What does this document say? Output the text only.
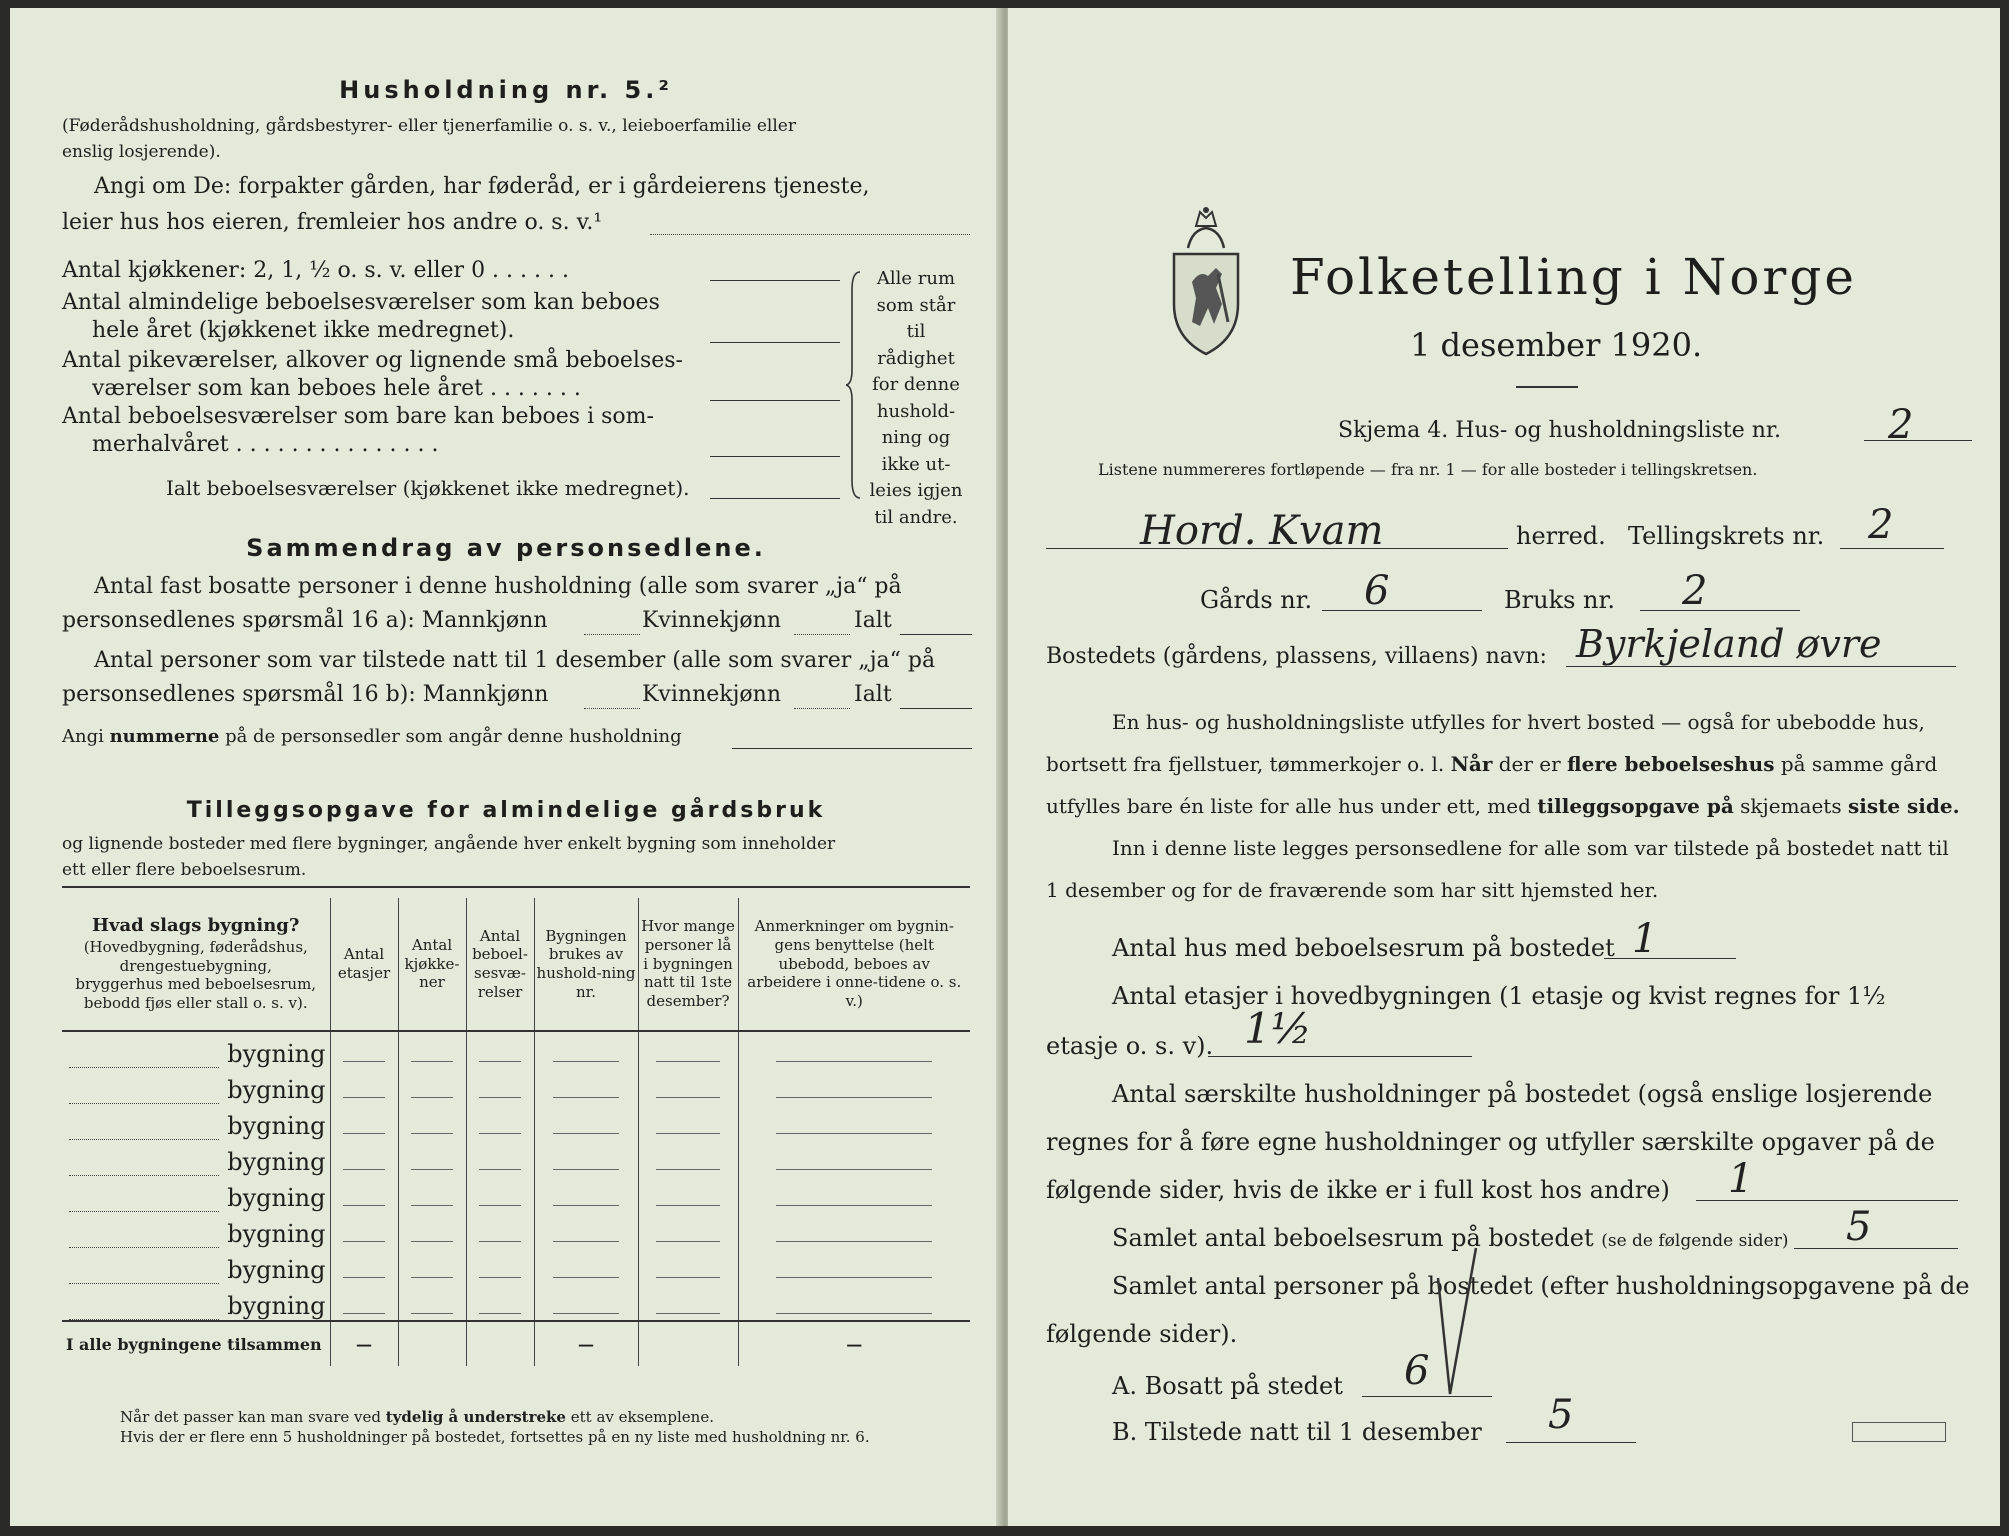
Husholdning nr. 5.²
(Føderådshusholdning, gårdsbestyrer- eller tjenerfamilie o. s. v., leieboerfamilie eller
enslig losjerende).
Angi om De: forpakter gården, har føderåd, er i gårdeierens tjeneste,
leier hus hos eieren, fremleier hos andre o. s. v.¹
Antal kjøkkener: 2, 1, ½ o. s. v. eller 0 . . . . . .
Antal almindelige beboelsesværelser som kan beboes
hele året (kjøkkenet ikke medregnet).
Antal pikeværelser, alkover og lignende små beboelses-
værelser som kan beboes hele året . . . . . . .
Antal beboelsesværelser som bare kan beboes i som-
merhalvåret . . . . . . . . . . . . . . .
Alle rum
som står til
rådighet
for denne
hushold-
ning og
ikke ut-
leies igjen
til andre.
Ialt beboelsesværelser (kjøkkenet ikke medregnet).
Sammendrag av personsedlene.
Antal fast bosatte personer i denne husholdning (alle som svarer „ja“ på
personsedlenes spørsmål 16 a): Mannkjønn	Kvinnekjønn	Ialt
Antal personer som var tilstede natt til 1 desember (alle som svarer „ja“ på
personsedlenes spørsmål 16 b): Mannkjønn	Kvinnekjønn	Ialt
Angi nummerne på de personsedler som angår denne husholdning
Tilleggsopgave for almindelige gårdsbruk
og lignende bosteder med flere bygninger, angående hver enkelt bygning som inneholder
ett eller flere beboelsesrum.
Hvad slags bygning?
(Hovedbygning, føderådshus, drengestuebygning, bryggerhus med beboelsesrum, bebodd fjøs eller stall o. s. v).	Antal etasjer	Antal kjøkke-ner	Antal beboel-sesvæ-relser	Bygningen brukes av hushold-ning nr.	Hvor mange personer lå i bygningen natt til 1ste desember?	Anmerkninger om bygnin-gens benyttelse (helt ubebodd, beboes av arbeidere i onne-tidene o. s. v.)
bygning	

bygning	

bygning	

bygning	

bygning	

bygning	

bygning	

bygning	

I alle bygningene tilsammen	—			—		—
Når det passer kan man svare ved tydelig å understreke ett av eksemplene.
Hvis der er flere enn 5 husholdninger på bostedet, fortsettes på en ny liste med husholdning nr. 6.
Folketelling i Norge
1 desember 1920.
Skjema 4. Hus- og husholdningsliste nr.	2
Listene nummereres fortløpende — fra nr. 1 — for alle bosteder i tellingskretsen.
Hord. Kvam	herred. Tellingskrets nr. 2
Gårds nr. 6	Bruks nr. 2
Bostedets (gårdens, plassens, villaens) navn: Byrkjeland øvre
En hus- og husholdningsliste utfylles for hvert bosted — også for ubebodde hus,
bortsett fra fjellstuer, tømmerkojer o. l. Når der er flere beboelseshus på samme gård
utfylles bare én liste for alle hus under ett, med tilleggsopgave på skjemaets siste side.
Inn i denne liste legges personsedlene for alle som var tilstede på bostedet natt til
1 desember og for de fraværende som har sitt hjemsted her.
Antal hus med beboelsesrum på bostedet 1
Antal etasjer i hovedbygningen (1 etasje og kvist regnes for 1½
etasje o. s. v). 1½
Antal særskilte husholdninger på bostedet (også enslige losjerende
regnes for å føre egne husholdninger og utfyller særskilte opgaver på de
følgende sider, hvis de ikke er i full kost hos andre) 1
Samlet antal beboelsesrum på bostedet (se de følgende sider) 5
Samlet antal personer på bostedet (efter husholdningsopgavene på de
følgende sider).
A. Bosatt på stedet 6
B. Tilstede natt til 1 desember 5
